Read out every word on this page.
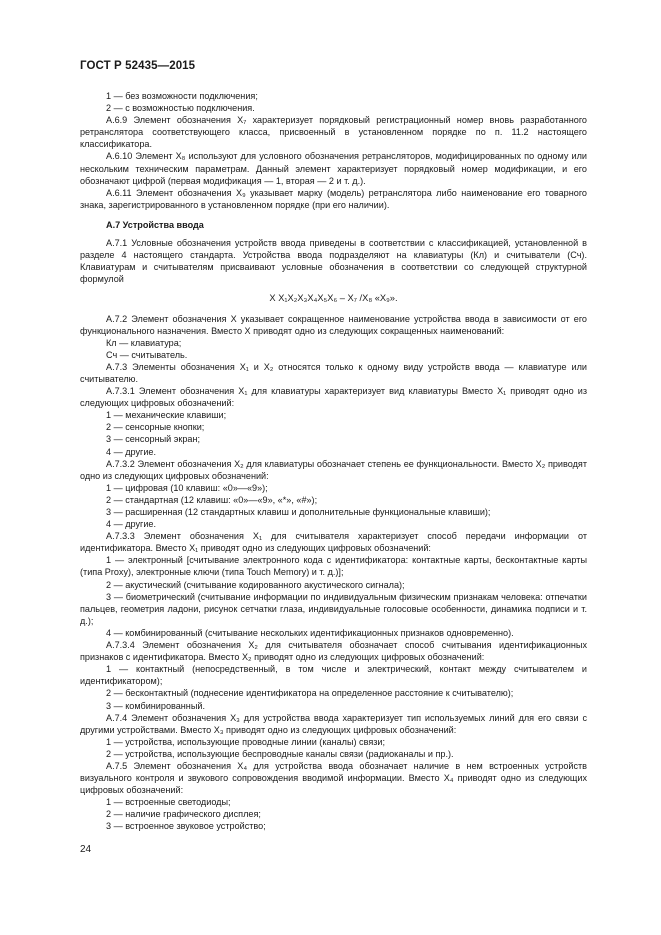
ГОСТ Р 52435—2015

1 — без возможности подключения;

2 — с возможностью подключения.

А.6.9 Элемент обозначения X₇ характеризует порядковый регистрационный номер вновь разработанного ретранслятора соответствующего класса, присвоенный в установленном порядке по п. 11.2 настоящего классификатора.

А.6.10 Элемент X₈ используют для условного обозначения ретрансляторов, модифицированных по одному или нескольким техническим параметрам. Данный элемент характеризует порядковый номер модификации, и его обозначают цифрой (первая модификация — 1, вторая — 2 и т. д.).

А.6.11 Элемент обозначения X₉ указывает марку (модель) ретранслятора либо наименование его товарного знака, зарегистрированного в установленном порядке (при его наличии).

А.7 Устройства ввода

А.7.1 Условные обозначения устройств ввода приведены в соответствии с классификацией, установленной в разделе 4 настоящего стандарта. Устройства ввода подразделяют на клавиатуры (Кл) и считыватели (Сч). Клавиатурам и считывателям присваивают условные обозначения в соответствии со следующей структурной формулой

X X₁X₂X₃X₄X₅X₆ – X₇ /X₈ «X₉».

А.7.2 Элемент обозначения X указывает сокращенное наименование устройства ввода в зависимости от его функционального назначения. Вместо X приводят одно из следующих сокращенных наименований:

Кл — клавиатура;

Сч — считыватель.

А.7.3 Элементы обозначения X₁ и X₂ относятся только к одному виду устройств ввода — клавиатуре или считывателю.

А.7.3.1 Элемент обозначения X₁ для клавиатуры характеризует вид клавиатуры Вместо X₁ приводят одно из следующих цифровых обозначений:

1 — механические клавиши;

2 — сенсорные кнопки;

3 — сенсорный экран;

4 — другие.

А.7.3.2 Элемент обозначения X₂ для клавиатуры обозначает степень ее функциональности. Вместо X₂ приводят одно из следующих цифровых обозначений:

1 — цифровая (10 клавиш: «0»—«9»);

2 — стандартная (12 клавиш: «0»—«9», «*», «#»);

3 — расширенная (12 стандартных клавиш и дополнительные функциональные клавиши);

4 — другие.

А.7.3.3 Элемент обозначения X₁ для считывателя характеризует способ передачи информации от идентификатора. Вместо X₁ приводят одно из следующих цифровых обозначений:

1 — электронный [считывание электронного кода с идентификатора: контактные карты, бесконтактные карты (типа Proxy), электронные ключи (типа Touch Memory) и т. д.)];

2 — акустический (считывание кодированного акустического сигнала);

3 — биометрический (считывание информации по индивидуальным физическим признакам человека: отпечатки пальцев, геометрия ладони, рисунок сетчатки глаза, индивидуальные голосовые особенности, динамика подписи и т. д.);

4 — комбинированный (считывание нескольких идентификационных признаков одновременно).

А.7.3.4 Элемент обозначения X₂ для считывателя обозначает способ считывания идентификационных признаков с идентификатора. Вместо X₂ приводят одно из следующих цифровых обозначений:

1 — контактный (непосредственный, в том числе и электрический, контакт между считывателем и идентификатором);

2 — бесконтактный (поднесение идентификатора на определенное расстояние к считывателю);

3 — комбинированный.

А.7.4 Элемент обозначения X₃ для устройства ввода характеризует тип используемых линий для его связи с другими устройствами. Вместо X₃ приводят одно из следующих цифровых обозначений:

1 — устройства, использующие проводные линии (каналы) связи;

2 — устройства, использующие беспроводные каналы связи (радиоканалы и пр.).

А.7.5 Элемент обозначения X₄ для устройства ввода обозначает наличие в нем встроенных устройств визуального контроля и звукового сопровождения вводимой информации. Вместо X₄ приводят одно из следующих цифровых обозначений:

1 — встроенные светодиоды;

2 — наличие графического дисплея;

3 — встроенное звуковое устройство;

24
